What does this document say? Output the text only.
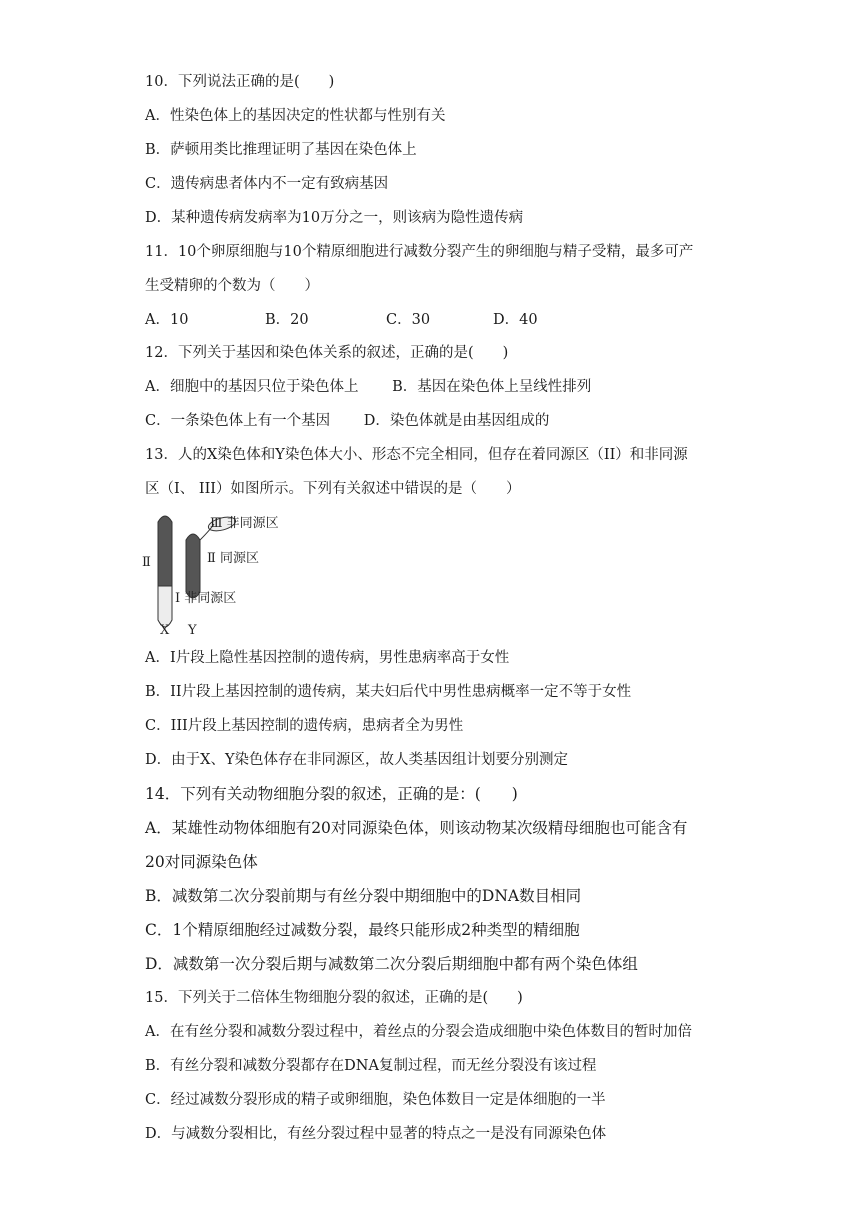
10．下列说法正确的是(　　)
A．性染色体上的基因决定的性状都与性别有关
B．萨顿用类比推理证明了基因在染色体上
C．遗传病患者体内不一定有致病基因
D．某种遗传病发病率为10万分之一，则该病为隐性遗传病
11．10个卵原细胞与10个精原细胞进行减数分裂产生的卵细胞与精子受精，最多可产
生受精卵的个数为（　　）
A．10	B．20	C．30	D．40
12．下列关于基因和染色体关系的叙述，正确的是(　　)
A．细胞中的基因只位于染色体上　　 B．基因在染色体上呈线性排列
C．一条染色体上有一个基因　　 D．染色体就是由基因组成的
13．人的X染色体和Y染色体大小、形态不完全相同，但存在着同源区（II）和非同源
区（I、 III）如图所示。下列有关叙述中错误的是（　　）
Ⅲ 非同源区
Ⅱ 同源区
Ⅱ
Ⅰ 非同源区
X Y
A．I片段上隐性基因控制的遗传病，男性患病率高于女性
B．II片段上基因控制的遗传病，某夫妇后代中男性患病概率一定不等于女性
C．III片段上基因控制的遗传病，患病者全为男性
D．由于X、Y染色体存在非同源区，故人类基因组计划要分别测定
14．下列有关动物细胞分裂的叙述，正确的是：(　　)
A．某雄性动物体细胞有20对同源染色体，则该动物某次级精母细胞也可能含有
20对同源染色体
B．减数第二次分裂前期与有丝分裂中期细胞中的DNA数目相同
C．1个精原细胞经过减数分裂，最终只能形成2种类型的精细胞
D．减数第一次分裂后期与减数第二次分裂后期细胞中都有两个染色体组
15．下列关于二倍体生物细胞分裂的叙述，正确的是(　　)
A．在有丝分裂和减数分裂过程中，着丝点的分裂会造成细胞中染色体数目的暂时加倍
B．有丝分裂和减数分裂都存在DNA复制过程，而无丝分裂没有该过程
C．经过减数分裂形成的精子或卵细胞，染色体数目一定是体细胞的一半
D．与减数分裂相比，有丝分裂过程中显著的特点之一是没有同源染色体
